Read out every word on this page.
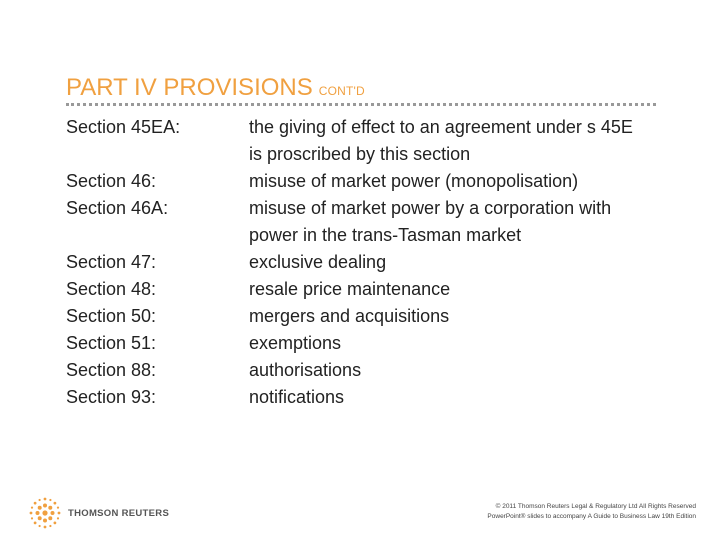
PART IV PROVISIONS CONT'D
Section 45EA:	the giving of effect to an agreement under s 45E is proscribed by this section
Section 46:	misuse of market power (monopolisation)
Section 46A:	misuse of market power by a corporation with power in the trans-Tasman market
Section 47:	exclusive dealing
Section 48:	resale price maintenance
Section 50:	mergers and acquisitions
Section 51:	exemptions
Section 88:	authorisations
Section 93:	notifications
THOMSON REUTERS
© 2011 Thomson Reuters Legal & Regulatory Ltd All Rights Reserved
PowerPoint® slides to accompany A Guide to Business Law 19th Edition
